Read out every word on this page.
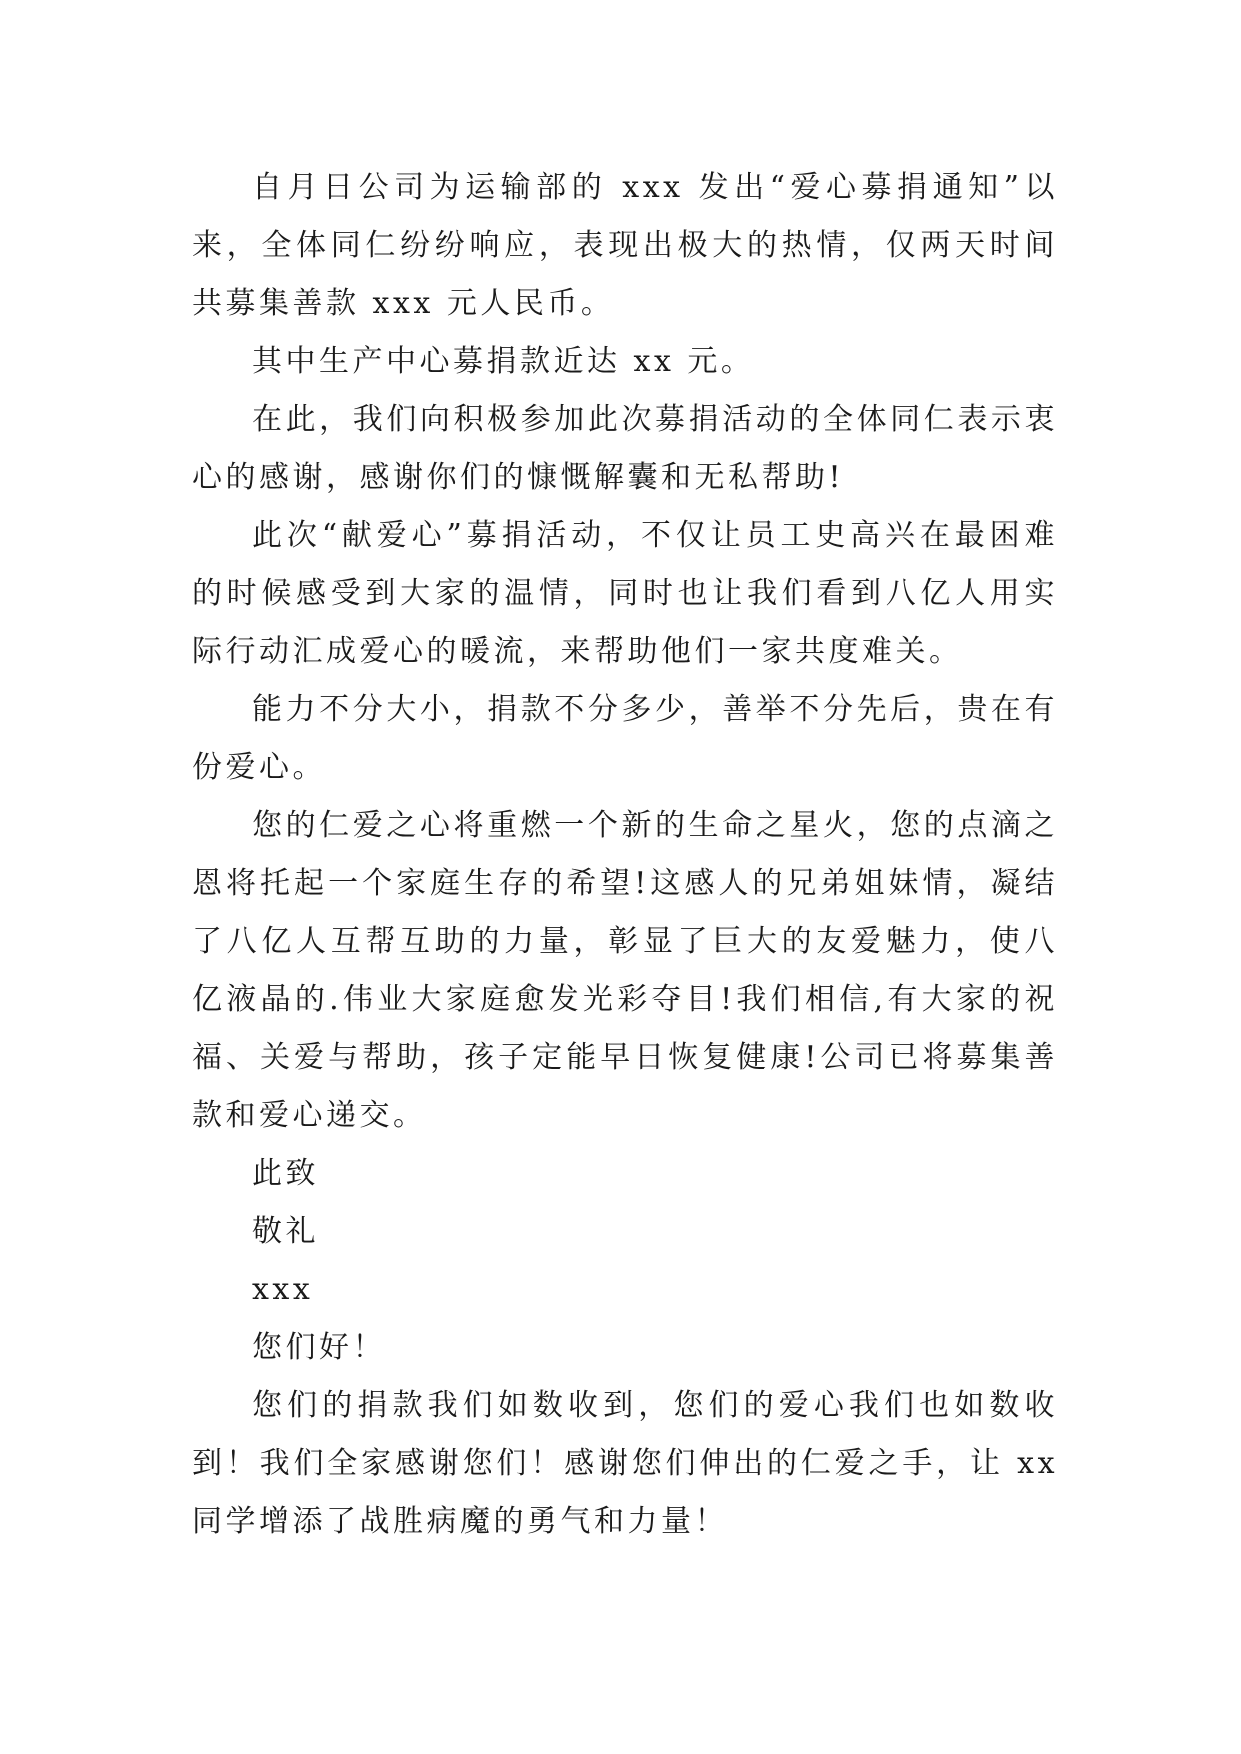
自月日公司为运输部的 xxx 发出“爱心募捐通知”以来，全体同仁纷纷响应，表现出极大的热情，仅两天时间共募集善款 xxx 元人民币。

其中生产中心募捐款近达 xx 元。

在此，我们向积极参加此次募捐活动的全体同仁表示衷心的感谢，感谢你们的慷慨解囊和无私帮助!

此次“献爱心”募捐活动，不仅让员工史高兴在最困难的时候感受到大家的温情，同时也让我们看到八亿人用实际行动汇成爱心的暖流，来帮助他们一家共度难关。

能力不分大小，捐款不分多少，善举不分先后，贵在有份爱心。

您的仁爱之心将重燃一个新的生命之星火，您的点滴之恩将托起一个家庭生存的希望!这感人的兄弟姐妹情，凝结了八亿人互帮互助的力量，彰显了巨大的友爱魅力，使八亿液晶的.伟业大家庭愈发光彩夺目!我们相信,有大家的祝福、关爱与帮助，孩子定能早日恢复健康!公司已将募集善款和爱心递交。

此致

敬礼

xxx

您们好！

您们的捐款我们如数收到，您们的爱心我们也如数收到！我们全家感谢您们！感谢您们伸出的仁爱之手，让 xx 同学增添了战胜病魔的勇气和力量！
